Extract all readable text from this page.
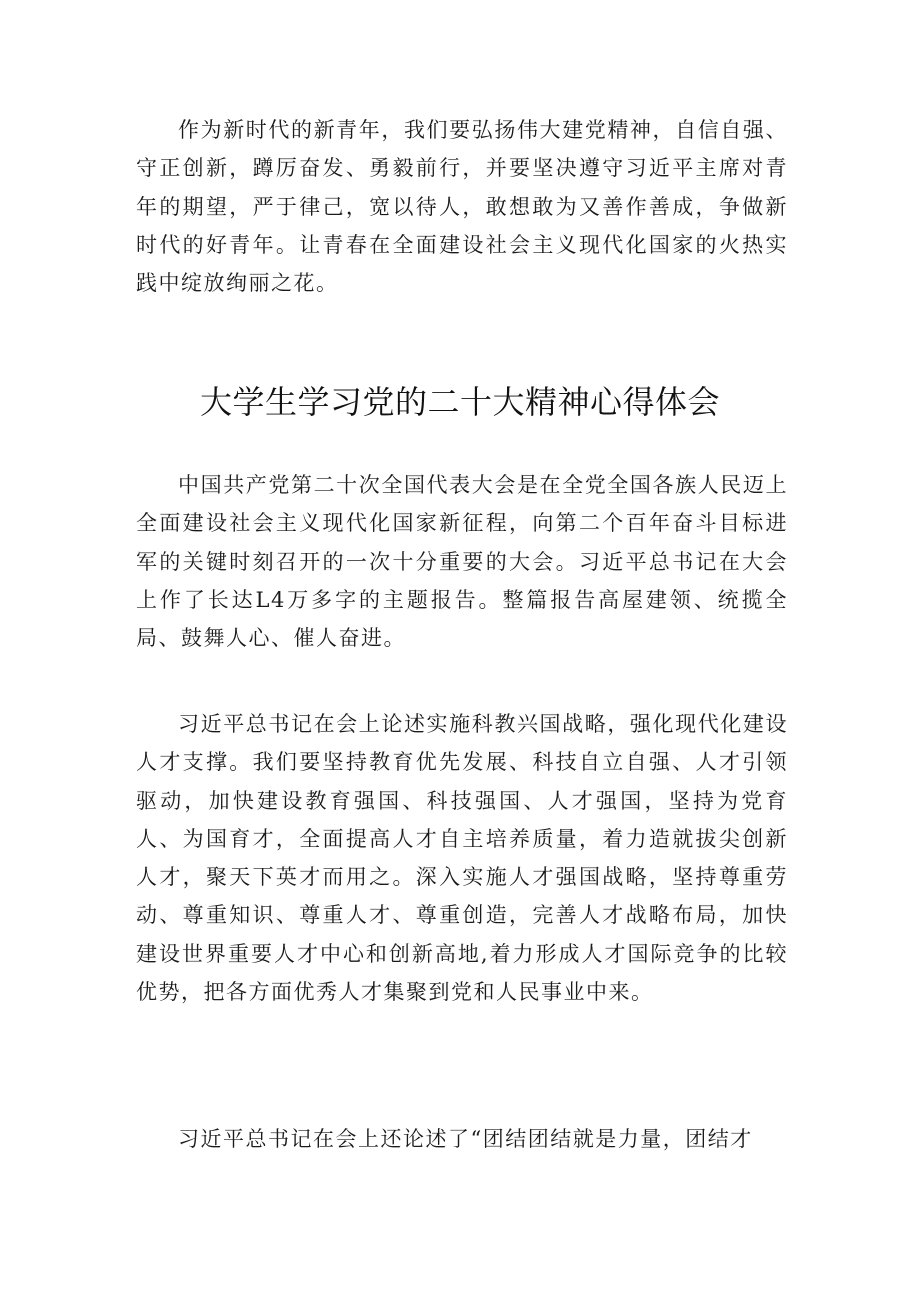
作为新时代的新青年，我们要弘扬伟大建党精神，自信自强、守正创新，蹲厉奋发、勇毅前行，并要坚决遵守习近平主席对青年的期望，严于律己，宽以待人，敢想敢为又善作善成，争做新时代的好青年。让青春在全面建设社会主义现代化国家的火热实践中绽放绚丽之花。

大学生学习党的二十大精神心得体会

中国共产党第二十次全国代表大会是在全党全国各族人民迈上全面建设社会主义现代化国家新征程，向第二个百年奋斗目标进军的关键时刻召开的一次十分重要的大会。习近平总书记在大会上作了长达L4万多字的主题报告。整篇报告高屋建领、统揽全局、鼓舞人心、催人奋进。

习近平总书记在会上论述实施科教兴国战略，强化现代化建设人才支撑。我们要坚持教育优先发展、科技自立自强、人才引领驱动，加快建设教育强国、科技强国、人才强国，坚持为党育人、为国育才，全面提高人才自主培养质量，着力造就拔尖创新人才，聚天下英才而用之。深入实施人才强国战略，坚持尊重劳动、尊重知识、尊重人才、尊重创造，完善人才战略布局，加快建设世界重要人才中心和创新高地,着力形成人才国际竞争的比较优势，把各方面优秀人才集聚到党和人民事业中来。

习近平总书记在会上还论述了“团结团结就是力量，团结才
